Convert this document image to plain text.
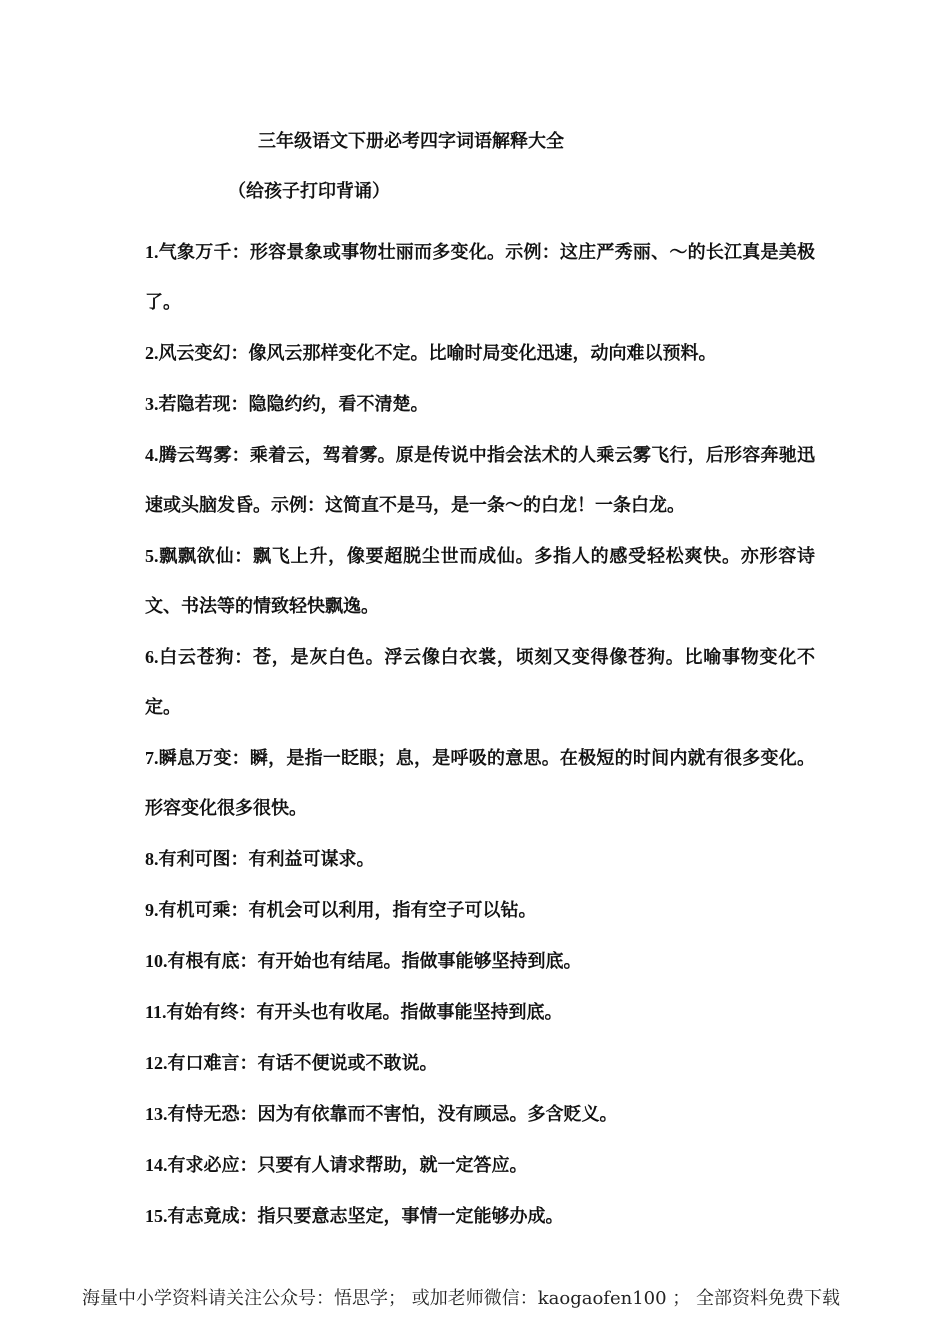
三年级语文下册必考四字词语解释大全
（给孩子打印背诵）
1.气象万千：形容景象或事物壮丽而多变化。示例：这庄严秀丽、～的长江真是美极了。
2.风云变幻：像风云那样变化不定。比喻时局变化迅速，动向难以预料。
3.若隐若现：隐隐约约，看不清楚。
4.腾云驾雾：乘着云，驾着雾。原是传说中指会法术的人乘云雾飞行，后形容奔驰迅速或头脑发昏。示例：这简直不是马，是一条～的白龙！一条白龙。
5.飘飘欲仙：飘飞上升，像要超脱尘世而成仙。多指人的感受轻松爽快。亦形容诗文、书法等的情致轻快飘逸。
6.白云苍狗：苍，是灰白色。浮云像白衣裳，顷刻又变得像苍狗。比喻事物变化不定。
7.瞬息万变：瞬，是指一眨眼；息，是呼吸的意思。在极短的时间内就有很多变化。形容变化很多很快。
8.有利可图：有利益可谋求。
9.有机可乘：有机会可以利用，指有空子可以钻。
10.有根有底：有开始也有结尾。指做事能够坚持到底。
11.有始有终：有开头也有收尾。指做事能坚持到底。
12.有口难言：有话不便说或不敢说。
13.有恃无恐：因为有依靠而不害怕，没有顾忌。多含贬义。
14.有求必应：只要有人请求帮助，就一定答应。
15.有志竟成：指只要意志坚定，事情一定能够办成。
海量中小学资料请关注公众号：悟思学； 或加老师微信：kaogaofen100 ； 全部资料免费下载
